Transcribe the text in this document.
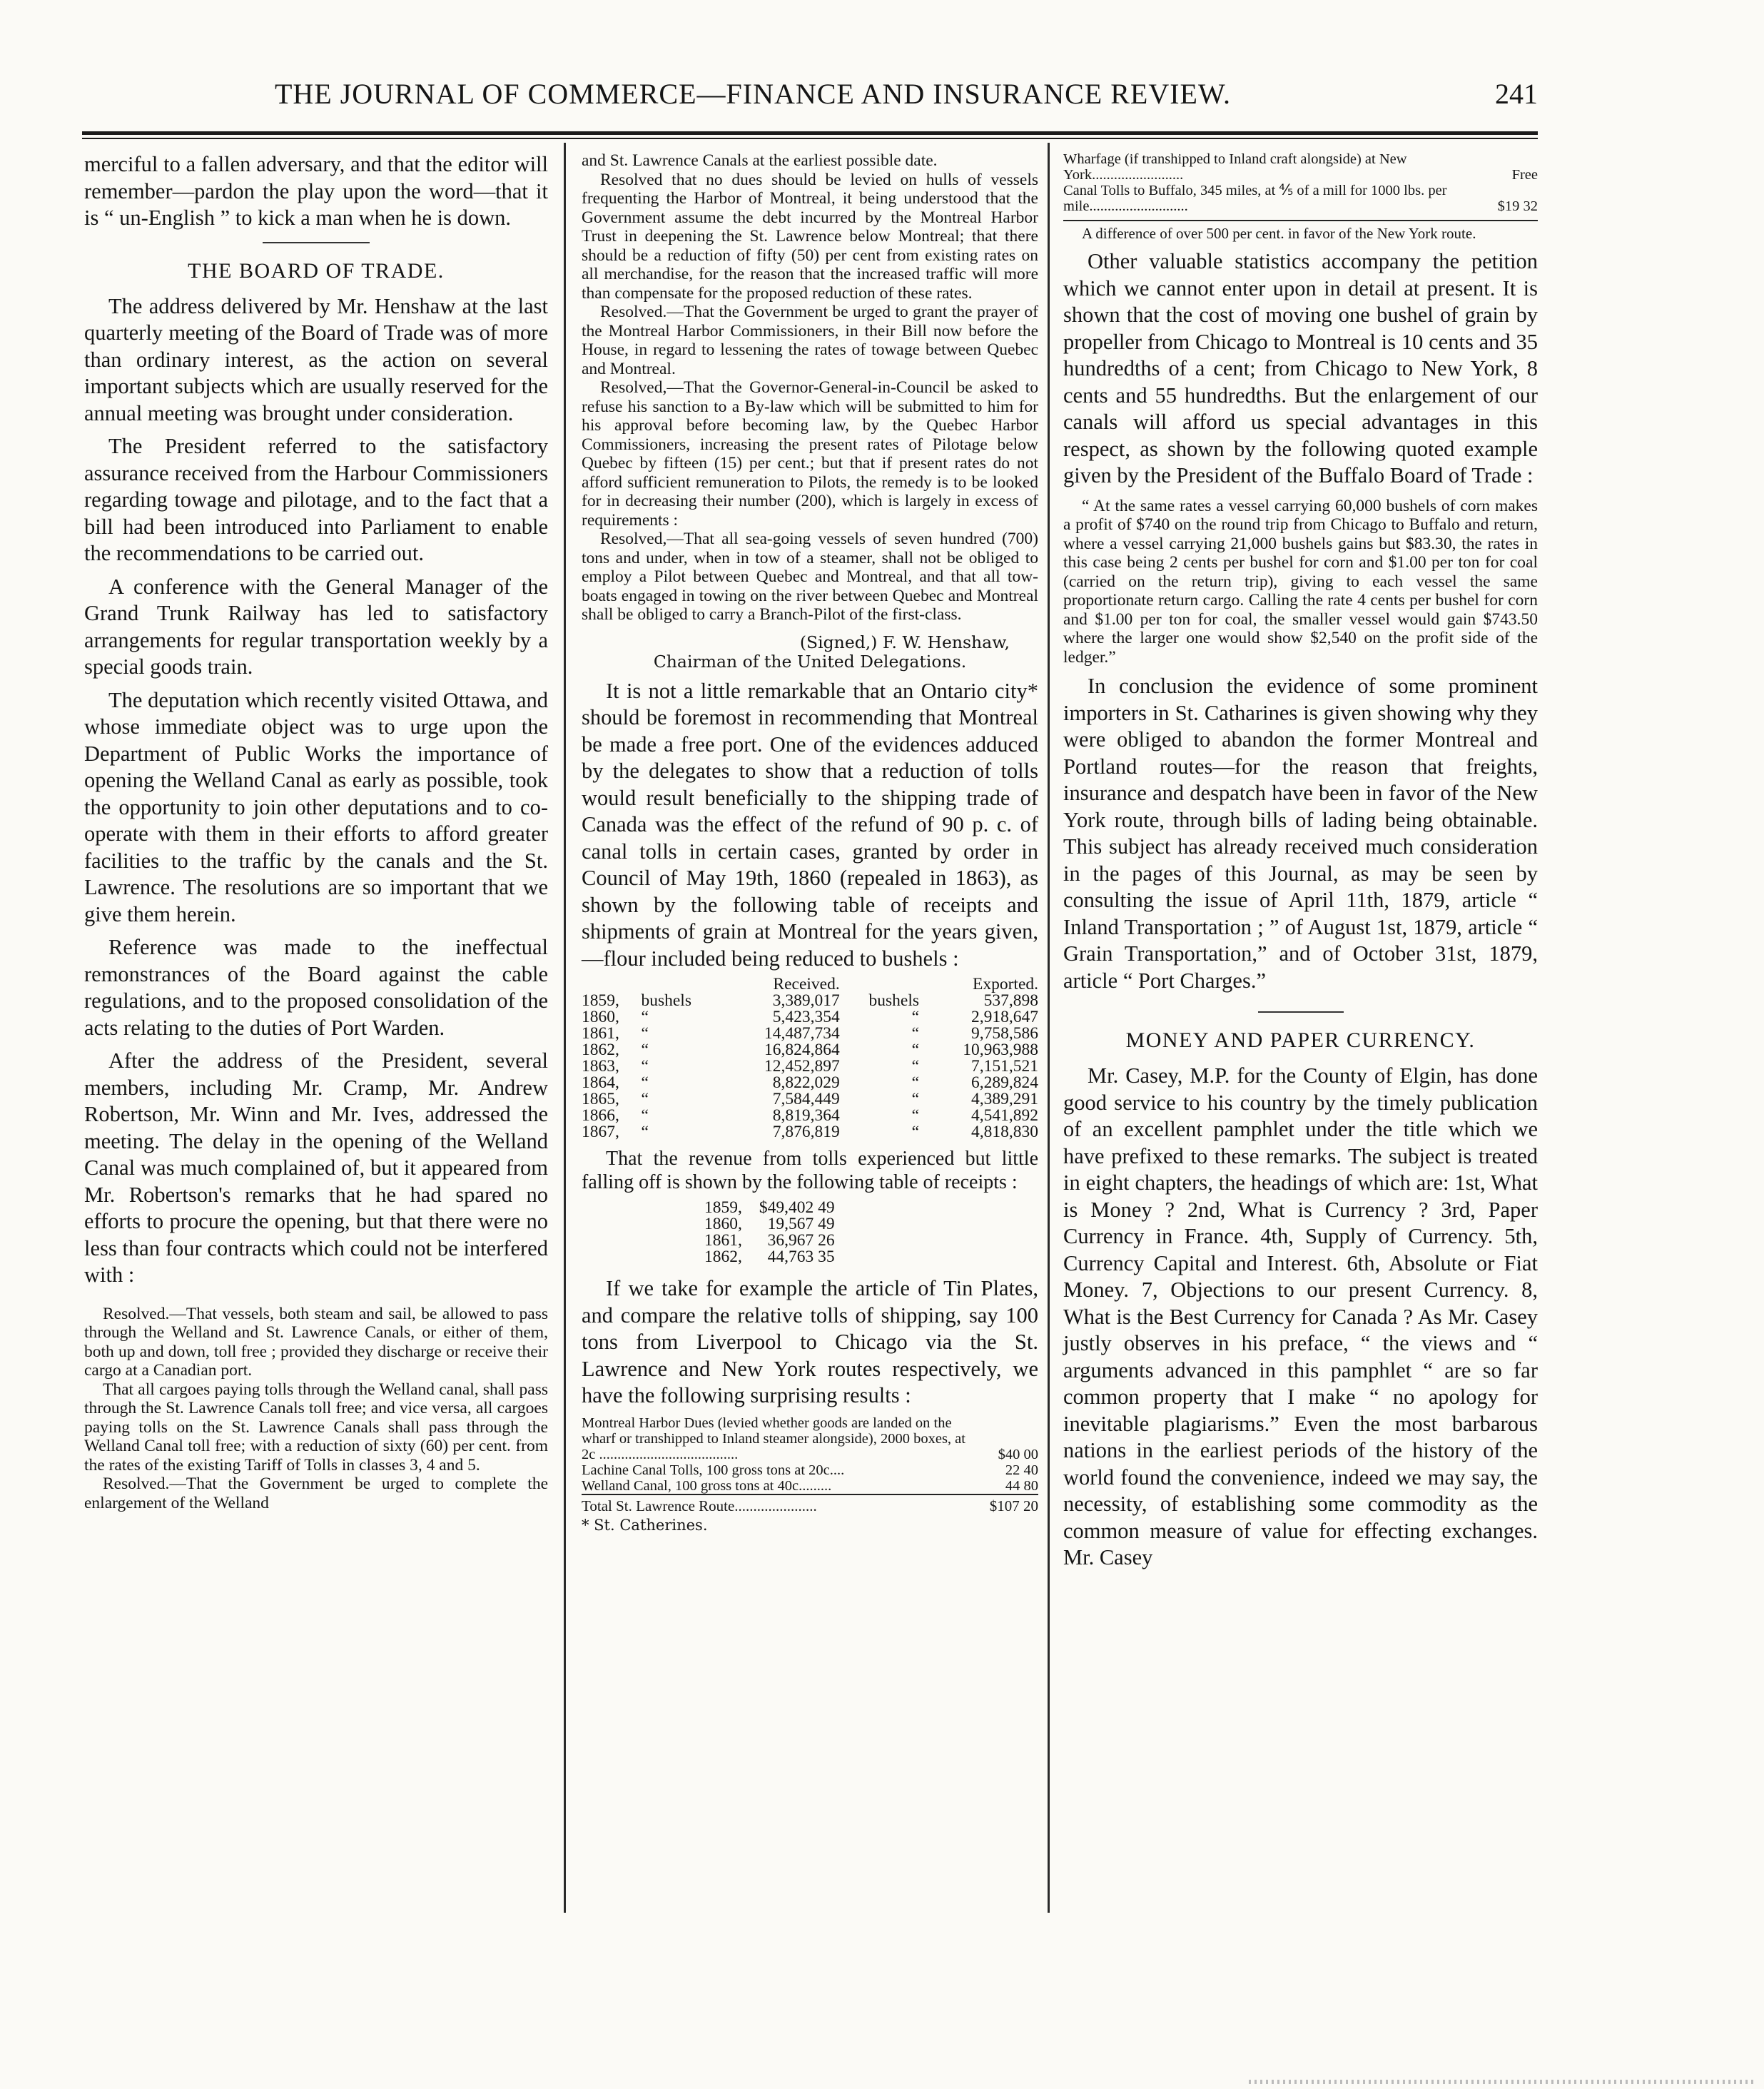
THE JOURNAL OF COMMERCE—FINANCE AND INSURANCE REVIEW.	241

merciful to a fallen adversary, and that the editor will remember—pardon the play upon the word—that it is “ un-English ” to kick a man when he is down.

THE BOARD OF TRADE.

The address delivered by Mr. Henshaw at the last quarterly meeting of the Board of Trade was of more than ordinary interest, as the action on several important subjects which are usually reserved for the annual meeting was brought under consideration.

The President referred to the satisfactory assurance received from the Harbour Commissioners regarding towage and pilotage, and to the fact that a bill had been introduced into Parliament to enable the recommendations to be carried out.

A conference with the General Manager of the Grand Trunk Railway has led to satisfactory arrangements for regular transportation weekly by a special goods train.

The deputation which recently visited Ottawa, and whose immediate object was to urge upon the Department of Public Works the importance of opening the Welland Canal as early as possible, took the opportunity to join other deputations and to co-operate with them in their efforts to afford greater facilities to the traffic by the canals and the St. Lawrence. The resolutions are so important that we give them herein.

Reference was made to the ineffectual remonstrances of the Board against the cable regulations, and to the proposed consolidation of the acts relating to the duties of Port Warden.

After the address of the President, several members, including Mr. Cramp, Mr. Andrew Robertson, Mr. Winn and Mr. Ives, addressed the meeting. The delay in the opening of the Welland Canal was much complained of, but it appeared from Mr. Robertson's remarks that he had spared no efforts to procure the opening, but that there were no less than four contracts which could not be interfered with :

Resolved.—That vessels, both steam and sail, be allowed to pass through the Welland and St. Lawrence Canals, or either of them, both up and down, toll free ; provided they discharge or receive their cargo at a Canadian port.

That all cargoes paying tolls through the Welland canal, shall pass through the St. Lawrence Canals toll free; and vice versa, all cargoes paying tolls on the St. Lawrence Canals shall pass through the Welland Canal toll free; with a reduction of sixty (60) per cent. from the rates of the existing Tariff of Tolls in classes 3, 4 and 5.

Resolved.—That the Government be urged to complete the enlargement of the Welland

and St. Lawrence Canals at the earliest possible date.

Resolved that no dues should be levied on hulls of vessels frequenting the Harbor of Montreal, it being understood that the Government assume the debt incurred by the Montreal Harbor Trust in deepening the St. Lawrence below Montreal; that there should be a reduction of fifty (50) per cent from existing rates on all merchandise, for the reason that the increased traffic will more than compensate for the proposed reduction of these rates.

Resolved.—That the Government be urged to grant the prayer of the Montreal Harbor Commissioners, in their Bill now before the House, in regard to lessening the rates of towage between Quebec and Montreal.

Resolved,—That the Governor-General-in-Council be asked to refuse his sanction to a By-law which will be submitted to him for his approval before becoming law, by the Quebec Harbor Commissioners, increasing the present rates of Pilotage below Quebec by fifteen (15) per cent.; but that if present rates do not afford sufficient remuneration to Pilots, the remedy is to be looked for in decreasing their number (200), which is largely in excess of requirements :

Resolved,—That all sea-going vessels of seven hundred (700) tons and under, when in tow of a steamer, shall not be obliged to employ a Pilot between Quebec and Montreal, and that all tow-boats engaged in towing on the river between Quebec and Montreal shall be obliged to carry a Branch-Pilot of the first-class.

(Signed,) F. W. Henshaw,
Chairman of the United Delegations.

It is not a little remarkable that an Ontario city* should be foremost in recommending that Montreal be made a free port. One of the evidences adduced by the delegates to show that a reduction of tolls would result beneficially to the shipping trade of Canada was the effect of the refund of 90 p. c. of canal tolls in certain cases, granted by order in Council of May 19th, 1860 (repealed in 1863), as shown by the following table of receipts and shipments of grain at Montreal for the years given,—flour included being reduced to bushels :

		Received.		Exported.
1859,	bushels	3,389,017	bushels	537,898
1860,	“	5,423,354	“	2,918,647
1861,	“	14,487,734	“	9,758,586
1862,	“	16,824,864	“	10,963,988
1863,	“	12,452,897	“	7,151,521
1864,	“	8,822,029	“	6,289,824
1865,	“	7,584,449	“	4,389,291
1866,	“	8,819,364	“	4,541,892
1867,	“	7,876,819	“	4,818,830

That the revenue from tolls experienced but little falling off is shown by the following table of receipts :

1859,	$49,402 49
1860,	19,567 49
1861,	36,967 26
1862,	44,763 35

If we take for example the article of Tin Plates, and compare the relative tolls of shipping, say 100 tons from Liverpool to Chicago via the St. Lawrence and New York routes respectively, we have the following surprising results :

Montreal Harbor Dues (levied whether goods are landed on the wharf or transhipped to Inland steamer alongside), 2000 boxes, at 2c ......................................	$40 00
Lachine Canal Tolls, 100 gross tons at 20c....	22 40
Welland Canal, 100 gross tons at 40c.........	44 80
Total St. Lawrence Route......................	$107 20
* St. Catherines.
Wharfage (if transhipped to Inland craft alongside) at New York.........................	Free
Canal Tolls to Buffalo, 345 miles, at ⅘ of a mill for 1000 lbs. per mile...........................	$19 32

A difference of over 500 per cent. in favor of the New York route.

Other valuable statistics accompany the petition which we cannot enter upon in detail at present. It is shown that the cost of moving one bushel of grain by propeller from Chicago to Montreal is 10 cents and 35 hundredths of a cent; from Chicago to New York, 8 cents and 55 hundredths. But the enlargement of our canals will afford us special advantages in this respect, as shown by the following quoted example given by the President of the Buffalo Board of Trade :

“ At the same rates a vessel carrying 60,000 bushels of corn makes a profit of $740 on the round trip from Chicago to Buffalo and return, where a vessel carrying 21,000 bushels gains but $83.30, the rates in this case being 2 cents per bushel for corn and $1.00 per ton for coal (carried on the return trip), giving to each vessel the same proportionate return cargo. Calling the rate 4 cents per bushel for corn and $1.00 per ton for coal, the smaller vessel would gain $743.50 where the larger one would show $2,540 on the profit side of the ledger.”

In conclusion the evidence of some prominent importers in St. Catharines is given showing why they were obliged to abandon the former Montreal and Portland routes—for the reason that freights, insurance and despatch have been in favor of the New York route, through bills of lading being obtainable. This subject has already received much consideration in the pages of this Journal, as may be seen by consulting the issue of April 11th, 1879, article “ Inland Transportation ; ” of August 1st, 1879, article “ Grain Transportation,” and of October 31st, 1879, article “ Port Charges.”

MONEY AND PAPER CURRENCY.

Mr. Casey, M.P. for the County of Elgin, has done good service to his country by the timely publication of an excellent pamphlet under the title which we have prefixed to these remarks. The subject is treated in eight chapters, the headings of which are: 1st, What is Money ? 2nd, What is Currency ? 3rd, Paper Currency in France. 4th, Supply of Currency. 5th, Currency Capital and Interest. 6th, Absolute or Fiat Money. 7, Objections to our present Currency. 8, What is the Best Currency for Canada ? As Mr. Casey justly observes in his preface, “ the views and “ arguments advanced in this pamphlet “ are so far common property that I make “ no apology for inevitable plagiarisms.” Even the most barbarous nations in the earliest periods of the history of the world found the convenience, indeed we may say, the necessity, of establishing some commodity as the common measure of value for effecting exchanges. Mr. Casey
